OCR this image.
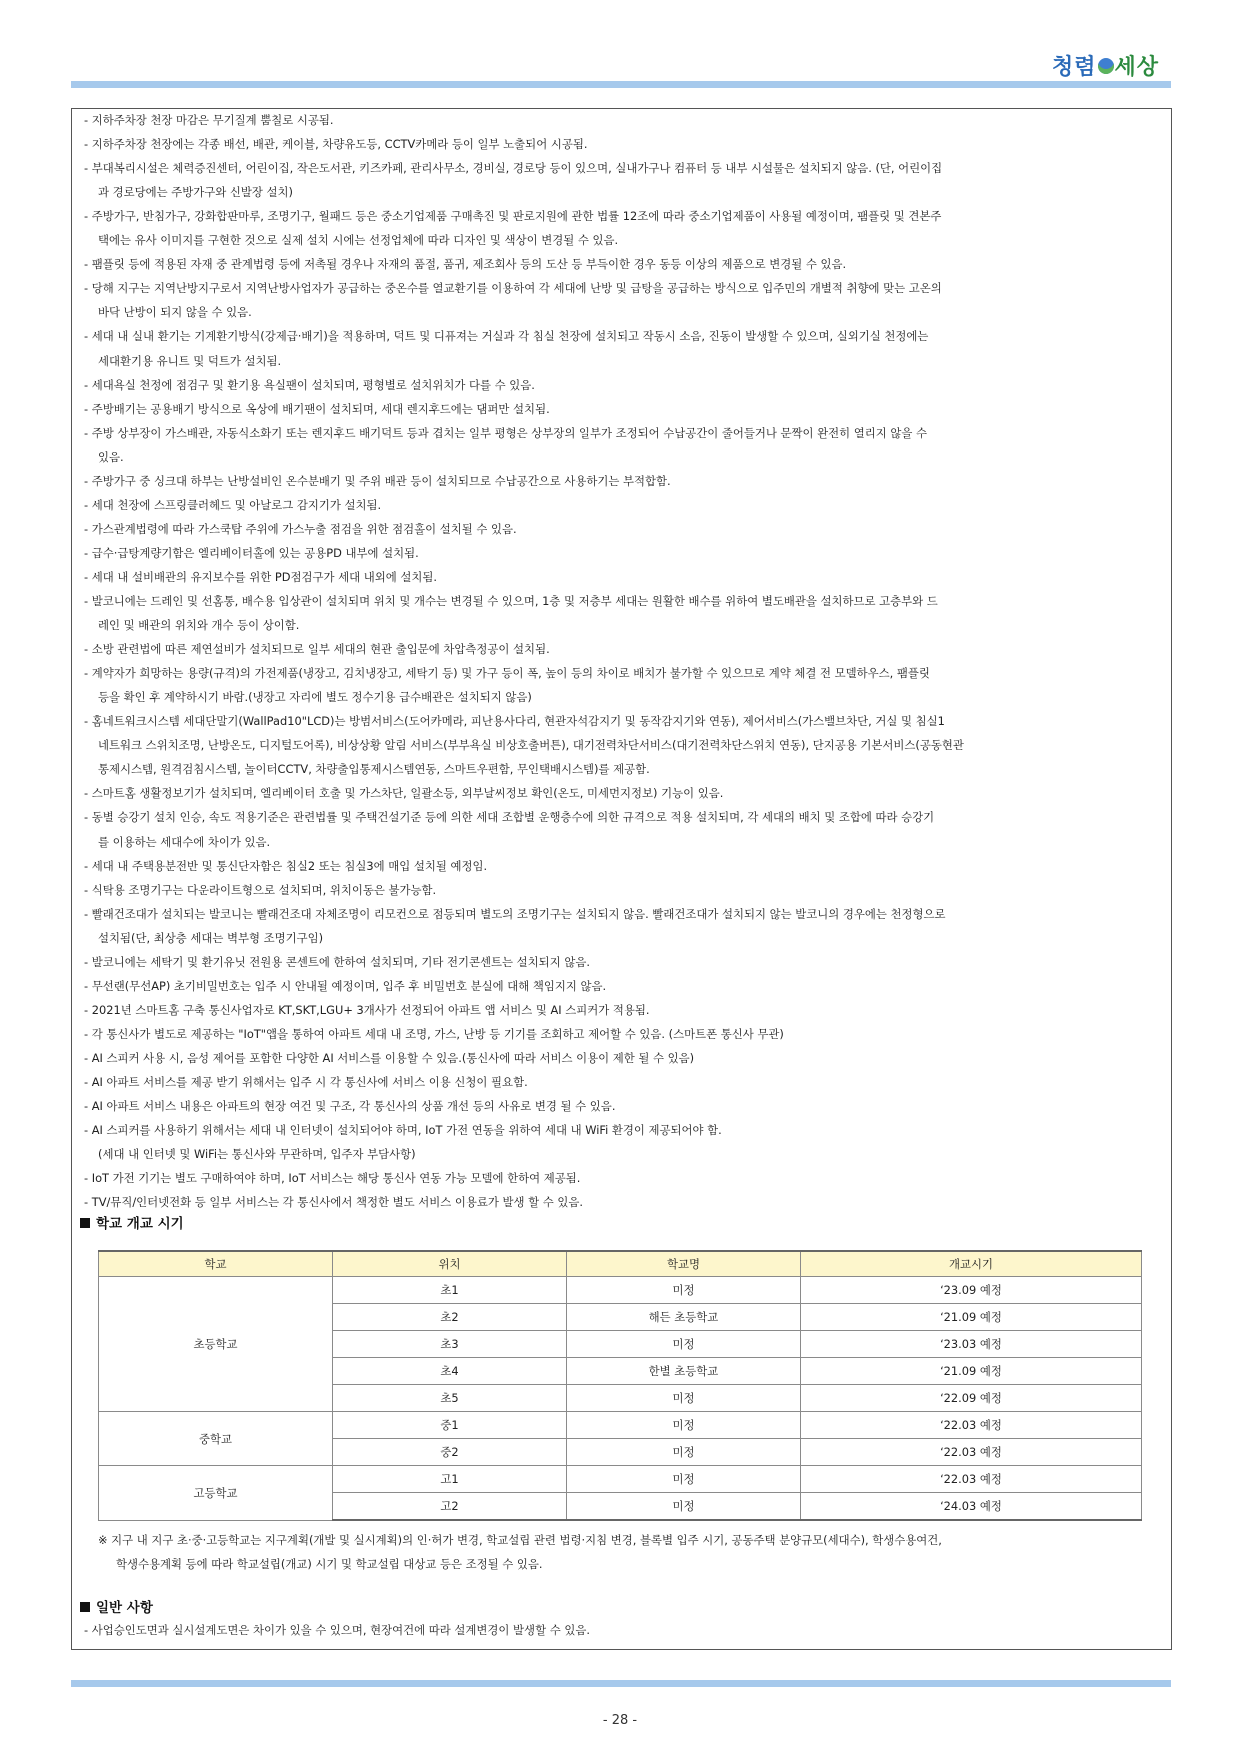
청렴 세상
- 지하주차장 천장 마감은 무기질계 뿜칠로 시공됨.
- 지하주차장 천장에는 각종 배선, 배관, 케이블, 차량유도등, CCTV카메라 등이 일부 노출되어 시공됨.
- 부대복리시설은 체력증진센터, 어린이집, 작은도서관, 키즈카페, 관리사무소, 경비실, 경로당 등이 있으며, 실내가구나 컴퓨터 등 내부 시설물은 설치되지 않음. (단, 어린이집
과 경로당에는 주방가구와 신발장 설치)
- 주방가구, 반침가구, 강화합판마루, 조명기구, 월패드 등은 중소기업제품 구매촉진 및 판로지원에 관한 법률 12조에 따라 중소기업제품이 사용될 예정이며, 팸플릿 및 견본주
택에는 유사 이미지를 구현한 것으로 실제 설치 시에는 선정업체에 따라 디자인 및 색상이 변경될 수 있음.
- 팸플릿 등에 적용된 자재 중 관계법령 등에 저촉될 경우나 자재의 품절, 품귀, 제조회사 등의 도산 등 부득이한 경우 동등 이상의 제품으로 변경될 수 있음.
- 당해 지구는 지역난방지구로서 지역난방사업자가 공급하는 중온수를 열교환기를 이용하여 각 세대에 난방 및 급탕을 공급하는 방식으로 입주민의 개별적 취향에 맞는 고온의
바닥 난방이 되지 않을 수 있음.
- 세대 내 실내 환기는 기계환기방식(강제급·배기)을 적용하며, 덕트 및 디퓨져는 거실과 각 침실 천장에 설치되고 작동시 소음, 진동이 발생할 수 있으며, 실외기실 천정에는
세대환기용 유니트 및 덕트가 설치됨.
- 세대욕실 천정에 점검구 및 환기용 욕실팬이 설치되며, 평형별로 설치위치가 다를 수 있음.
- 주방배기는 공용배기 방식으로 옥상에 배기팬이 설치되며, 세대 렌지후드에는 댐퍼만 설치됨.
- 주방 상부장이 가스배관, 자동식소화기 또는 렌지후드 배기덕트 등과 겹치는 일부 평형은 상부장의 일부가 조정되어 수납공간이 줄어들거나 문짝이 완전히 열리지 않을 수
있음.
- 주방가구 중 싱크대 하부는 난방설비인 온수분배기 및 주위 배관 등이 설치되므로 수납공간으로 사용하기는 부적합함.
- 세대 천장에 스프링클러헤드 및 아날로그 감지기가 설치됨.
- 가스관계법령에 따라 가스쿡탑 주위에 가스누출 점검을 위한 점검홀이 설치될 수 있음.
- 급수·급탕계량기함은 엘리베이터홀에 있는 공용PD 내부에 설치됨.
- 세대 내 설비배관의 유지보수를 위한 PD점검구가 세대 내외에 설치됨.
- 발코니에는 드레인 및 선홈통, 배수용 입상관이 설치되며 위치 및 개수는 변경될 수 있으며, 1층 및 저층부 세대는 원활한 배수를 위하여 별도배관을 설치하므로 고층부와 드
레인 및 배관의 위치와 개수 등이 상이함.
- 소방 관련법에 따른 제연설비가 설치되므로 일부 세대의 현관 출입문에 차압측정공이 설치됨.
- 계약자가 희망하는 용량(규격)의 가전제품(냉장고, 김치냉장고, 세탁기 등) 및 가구 등이 폭, 높이 등의 차이로 배치가 불가할 수 있으므로 계약 체결 전 모델하우스, 팸플릿
등을 확인 후 계약하시기 바람.(냉장고 자리에 별도 정수기용 급수배관은 설치되지 않음)
- 홈네트워크시스템 세대단말기(WallPad10"LCD)는 방범서비스(도어카메라, 피난용사다리, 현관자석감지기 및 동작감지기와 연동), 제어서비스(가스밸브차단, 거실 및 침실1
네트워크 스위치조명, 난방온도, 디지털도어록), 비상상황 알림 서비스(부부욕실 비상호출버튼), 대기전력차단서비스(대기전력차단스위치 연동), 단지공용 기본서비스(공동현관
통제시스템, 원격검침시스템, 놀이터CCTV, 차량출입통제시스템연동, 스마트우편함, 무인택배시스템)를 제공함.
- 스마트홈 생활정보기가 설치되며, 엘리베이터 호출 및 가스차단, 일괄소등, 외부날씨정보 확인(온도, 미세먼지정보) 기능이 있음.
- 동별 승강기 설치 인승, 속도 적용기준은 관련법률 및 주택건설기준 등에 의한 세대 조합별 운행층수에 의한 규격으로 적용 설치되며, 각 세대의 배치 및 조합에 따라 승강기
를 이용하는 세대수에 차이가 있음.
- 세대 내 주택용분전반 및 통신단자함은 침실2 또는 침실3에 매입 설치될 예정임.
- 식탁용 조명기구는 다운라이트형으로 설치되며, 위치이동은 불가능함.
- 빨래건조대가 설치되는 발코니는 빨래건조대 자체조명이 리모컨으로 점등되며 별도의 조명기구는 설치되지 않음. 빨래건조대가 설치되지 않는 발코니의 경우에는 천정형으로
설치됨(단, 최상층 세대는 벽부형 조명기구임)
- 발코니에는 세탁기 및 환기유닛 전원용 콘센트에 한하여 설치되며, 기타 전기콘센트는 설치되지 않음.
- 무선랜(무선AP) 초기비밀번호는 입주 시 안내될 예정이며, 입주 후 비밀번호 분실에 대해 책임지지 않음.
- 2021년 스마트홈 구축 통신사업자로 KT,SKT,LGU+ 3개사가 선정되어 아파트 앱 서비스 및 AI 스피커가 적용됨.
- 각 통신사가 별도로 제공하는 "IoT"앱을 통하여 아파트 세대 내 조명, 가스, 난방 등 기기를 조회하고 제어할 수 있음. (스마트폰 통신사 무관)
- AI 스피커 사용 시, 음성 제어를 포함한 다양한 AI 서비스를 이용할 수 있음.(통신사에 따라 서비스 이용이 제한 될 수 있음)
- AI 아파트 서비스를 제공 받기 위해서는 입주 시 각 통신사에 서비스 이용 신청이 필요함.
- AI 아파트 서비스 내용은 아파트의 현장 여건 및 구조, 각 통신사의 상품 개선 등의 사유로 변경 될 수 있음.
- AI 스피커를 사용하기 위해서는 세대 내 인터넷이 설치되어야 하며, IoT 가전 연동을 위하여 세대 내 WiFi 환경이 제공되어야 함.
(세대 내 인터넷 및 WiFi는 통신사와 무관하며, 입주자 부담사항)
- IoT 가전 기기는 별도 구매하여야 하며, IoT 서비스는 해당 통신사 연동 가능 모델에 한하여 제공됨.
- TV/뮤직/인터넷전화 등 일부 서비스는 각 통신사에서 책정한 별도 서비스 이용료가 발생 할 수 있음.
학교 개교 시기
학교	위치	학교명	개교시기
초등학교	초1	미정	‘23.09 예정
	초2	해든 초등학교	‘21.09 예정
	초3	미정	‘23.03 예정
	초4	한별 초등학교	‘21.09 예정
	초5	미정	‘22.09 예정
중학교	중1	미정	‘22.03 예정
	중2	미정	‘22.03 예정
고등학교	고1	미정	‘22.03 예정
	고2	미정	‘24.03 예정
※ 지구 내 지구 초·중·고등학교는 지구계획(개발 및 실시계획)의 인·허가 변경, 학교설립 관련 법령·지침 변경, 블록별 입주 시기, 공동주택 분양규모(세대수), 학생수용여건,
학생수용계획 등에 따라 학교설립(개교) 시기 및 학교설립 대상교 등은 조정될 수 있음.
일반 사항
- 사업승인도면과 실시설계도면은 차이가 있을 수 있으며, 현장여건에 따라 설계변경이 발생할 수 있음.
- 28 -
